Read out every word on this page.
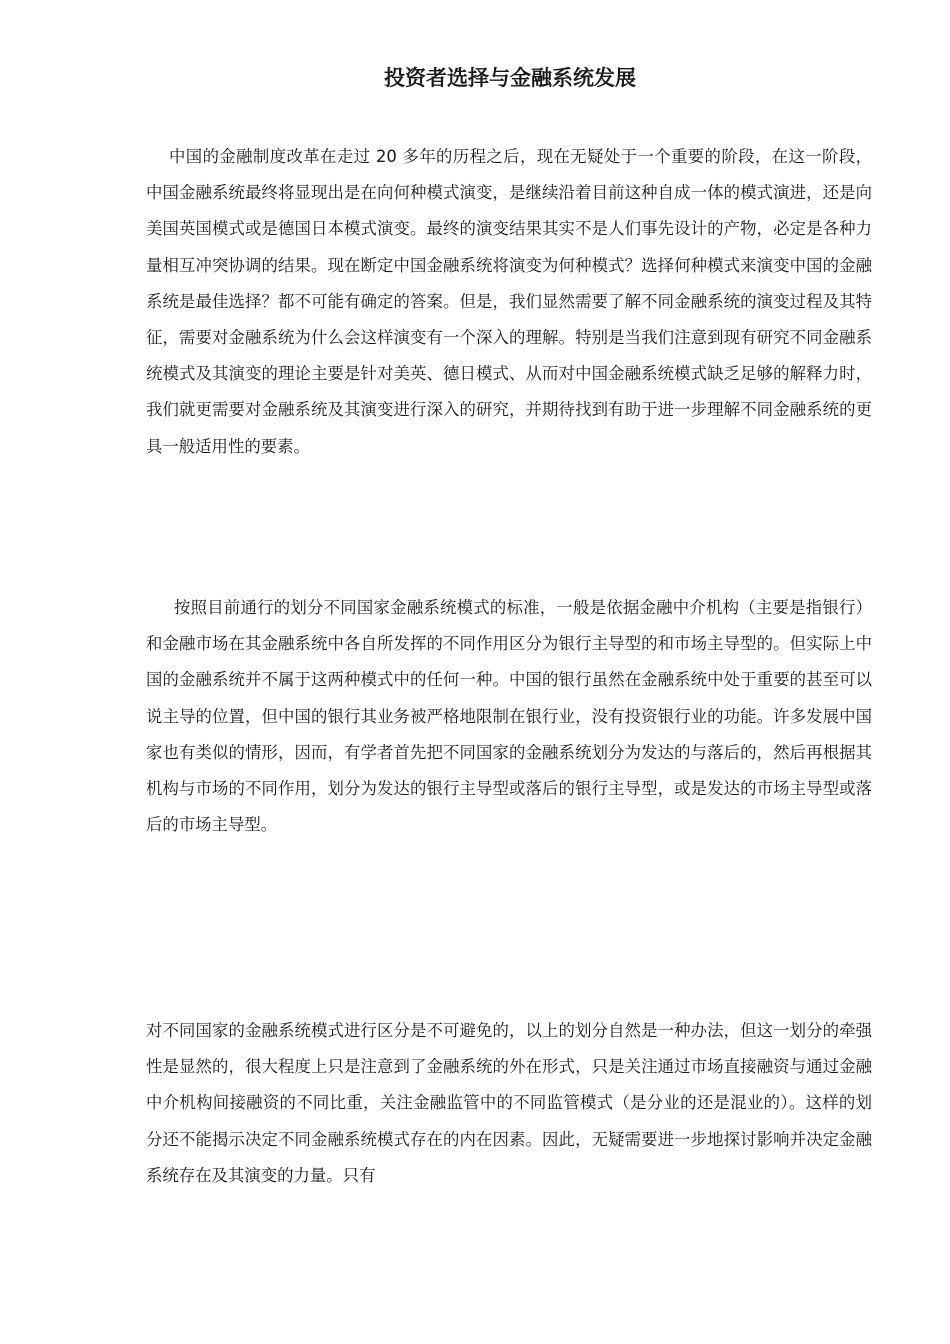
投资者选择与金融系统发展

中国的金融制度改革在走过 20 多年的历程之后，现在无疑处于一个重要的阶段，在这一阶段，中国金融系统最终将显现出是在向何种模式演变，是继续沿着目前这种自成一体的模式演进，还是向美国英国模式或是德国日本模式演变。最终的演变结果其实不是人们事先设计的产物，必定是各种力量相互冲突协调的结果。现在断定中国金融系统将演变为何种模式？选择何种模式来演变中国的金融系统是最佳选择？都不可能有确定的答案。但是，我们显然需要了解不同金融系统的演变过程及其特征，需要对金融系统为什么会这样演变有一个深入的理解。特别是当我们注意到现有研究不同金融系统模式及其演变的理论主要是针对美英、德日模式、从而对中国金融系统模式缺乏足够的解释力时，我们就更需要对金融系统及其演变进行深入的研究，并期待找到有助于进一步理解不同金融系统的更具一般适用性的要素。

按照目前通行的划分不同国家金融系统模式的标准，一般是依据金融中介机构（主要是指银行）和金融市场在其金融系统中各自所发挥的不同作用区分为银行主导型的和市场主导型的。但实际上中国的金融系统并不属于这两种模式中的任何一种。中国的银行虽然在金融系统中处于重要的甚至可以说主导的位置，但中国的银行其业务被严格地限制在银行业，没有投资银行业的功能。许多发展中国家也有类似的情形，因而，有学者首先把不同国家的金融系统划分为发达的与落后的，然后再根据其机构与市场的不同作用，划分为发达的银行主导型或落后的银行主导型，或是发达的市场主导型或落后的市场主导型。

对不同国家的金融系统模式进行区分是不可避免的，以上的划分自然是一种办法，但这一划分的牵强性是显然的，很大程度上只是注意到了金融系统的外在形式，只是关注通过市场直接融资与通过金融中介机构间接融资的不同比重，关注金融监管中的不同监管模式（是分业的还是混业的）。这样的划分还不能揭示决定不同金融系统模式存在的内在因素。因此，无疑需要进一步地探讨影响并决定金融系统存在及其演变的力量。只有
